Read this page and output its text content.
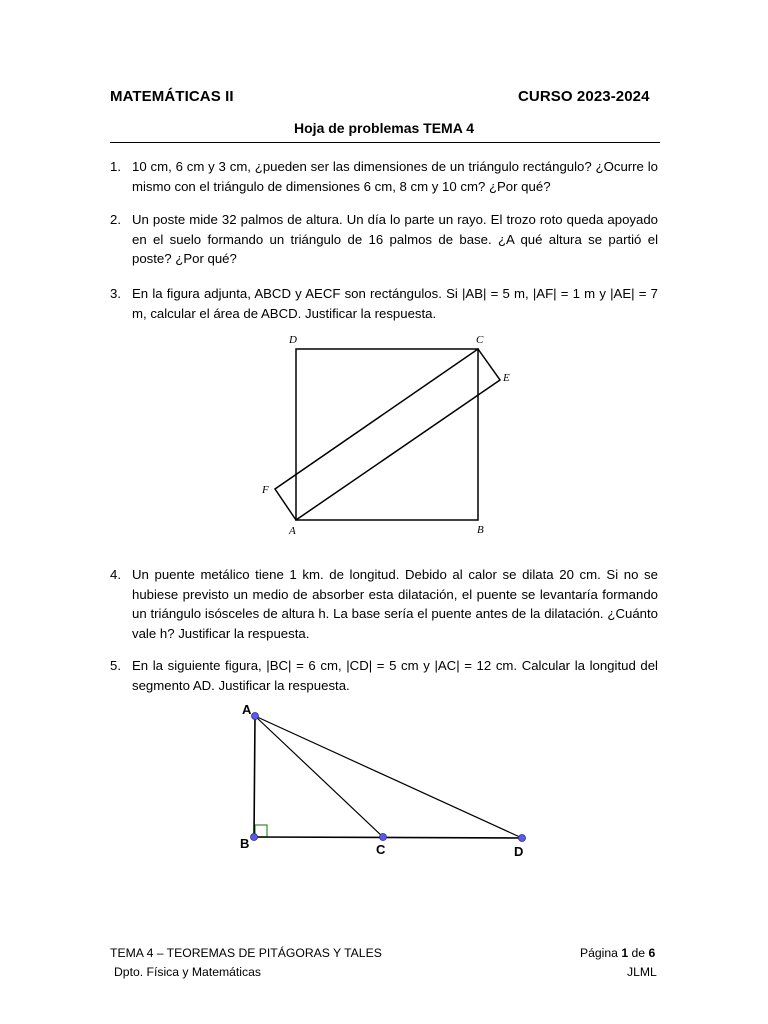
MATEMÁTICAS II	CURSO 2023-2024
Hoja de problemas TEMA 4
1. 10 cm, 6 cm y 3 cm, ¿pueden ser las dimensiones de un triángulo rectángulo? ¿Ocurre lo mismo con el triángulo de dimensiones 6 cm, 8 cm y 10 cm? ¿Por qué?
2. Un poste mide 32 palmos de altura. Un día lo parte un rayo. El trozo roto queda apoyado en el suelo formando un triángulo de 16 palmos de base. ¿A qué altura se partió el poste? ¿Por qué?
3. En la figura adjunta, ABCD y AECF son rectángulos. Si |AB| = 5 m, |AF| = 1 m y |AE| = 7 m, calcular el área de ABCD. Justificar la respuesta.
A	B
C
D
E
F
4. Un puente metálico tiene 1 km. de longitud. Debido al calor se dilata 20 cm. Si no se hubiese previsto un medio de absorber esta dilatación, el puente se levantaría formando un triángulo isósceles de altura h. La base sería el puente antes de la dilatación. ¿Cuánto vale h? Justificar la respuesta.
5. En la siguiente figura, |BC| = 6 cm, |CD| = 5 cm y |AC| = 12 cm. Calcular la longitud del segmento AD. Justificar la respuesta.
A
B	C	D
TEMA 4 – TEOREMAS DE PITÁGORAS Y TALES
Dpto. Física y Matemáticas
Página 1 de 6
JLML
